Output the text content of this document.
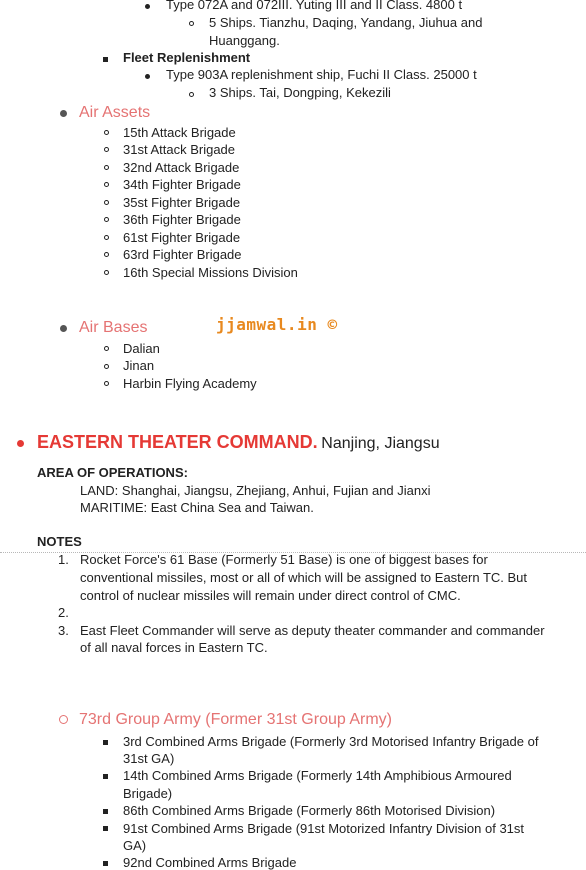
Type 072A and 072III. Yuting III and II Class. 4800 t
5 Ships. Tianzhu, Daqing, Yandang, Jiuhua and
Huanggang.
Fleet Replenishment
Type 903A replenishment ship, Fuchi II Class. 25000 t
3 Ships. Tai, Dongping, Kekezili
Air Assets
15th Attack Brigade
31st Attack Brigade
32nd Attack Brigade
34th Fighter Brigade
35st Fighter Brigade
36th Fighter Brigade
61st Fighter Brigade
63rd Fighter Brigade
16th Special Missions Division
Air Bases	jjamwal.in ©
Dalian
Jinan
Harbin Flying Academy
EASTERN THEATER COMMAND. Nanjing, Jiangsu
AREA OF OPERATIONS:
LAND: Shanghai, Jiangsu, Zhejiang, Anhui, Fujian and Jianxi
MARITIME: East China Sea and Taiwan.
NOTES
1. Rocket Force's 61 Base (Formerly 51 Base) is one of biggest bases for
conventional missiles, most or all of which will be assigned to Eastern TC. But
control of nuclear missiles will remain under direct control of CMC.
2.
3. East Fleet Commander will serve as deputy theater commander and commander
of all naval forces in Eastern TC.
73rd Group Army (Former 31st Group Army)
3rd Combined Arms Brigade (Formerly 3rd Motorised Infantry Brigade of
31st GA)
14th Combined Arms Brigade (Formerly 14th Amphibious Armoured
Brigade)
86th Combined Arms Brigade (Formerly 86th Motorised Division)
91st Combined Arms Brigade (91st Motorized Infantry Division of 31st
GA)
92nd Combined Arms Brigade
